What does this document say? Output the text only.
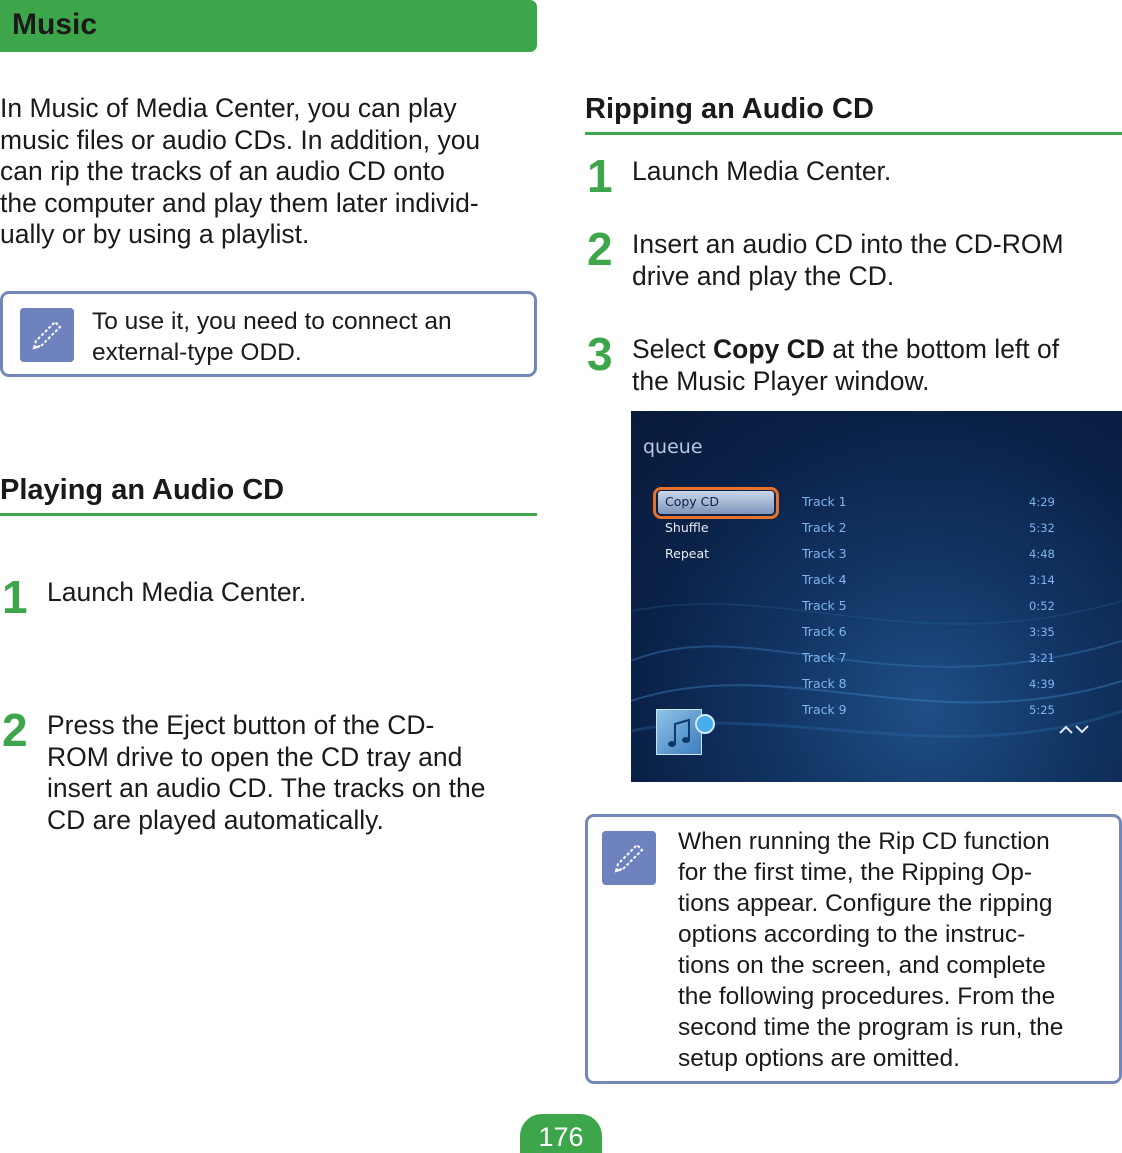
Music
In Music of Media Center, you can play
music files or audio CDs. In addition, you
can rip the tracks of an audio CD onto
the computer and play them later individ-
ually or by using a playlist.
To use it, you need to connect an
external-type ODD.
Playing an Audio CD
1 Launch Media Center.
2 Press the Eject button of the CD-
ROM drive to open the CD tray and
insert an audio CD. The tracks on the
CD are played automatically.
Ripping an Audio CD
1 Launch Media Center.
2 Insert an audio CD into the CD-ROM
drive and play the CD.
3 Select Copy CD at the bottom left of
the Music Player window.
queue
Copy CD
Shuffle
Repeat
Track 1	4:29
Track 2	5:32
Track 3	4:48
Track 4	3:14
Track 5	0:52
Track 6	3:35
Track 7	3:21
Track 8	4:39
Track 9	5:25
When running the Rip CD function
for the first time, the Ripping Op-
tions appear. Configure the ripping
options according to the instruc-
tions on the screen, and complete
the following procedures. From the
second time the program is run, the
setup options are omitted.
176
